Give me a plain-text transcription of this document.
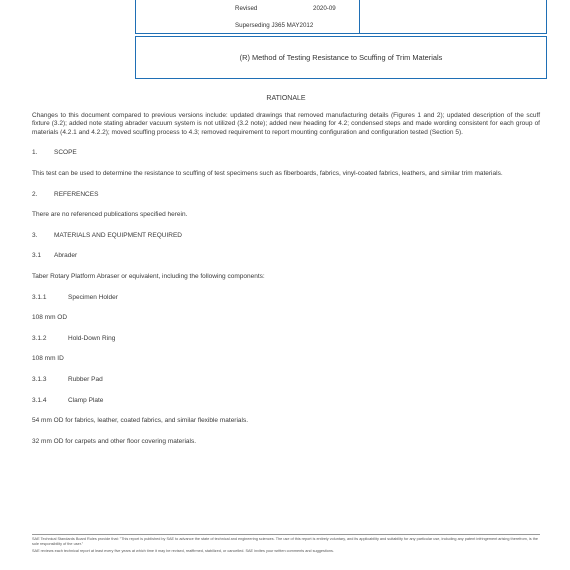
Revised	2020-09
Superseding J365 MAY2012
(R) Method of Testing Resistance to Scuffing of Trim Materials
RATIONALE

Changes to this document compared to previous versions include: updated drawings that removed manufacturing details (Figures 1 and 2); updated description of the scuff fixture (3.2); added note stating abrader vacuum system is not utilized (3.2 note); added new heading for 4.2; condensed steps and made wording consistent for each group of materials (4.2.1 and 4.2.2); moved scuffing process to 4.3; removed requirement to report mounting configuration and configuration tested (Section 5).

1.	SCOPE

This test can be used to determine the resistance to scuffing of test specimens such as fiberboards, fabrics, vinyl-coated fabrics, leathers, and similar trim materials.

2.	REFERENCES

There are no referenced publications specified herein.

3.	MATERIALS AND EQUIPMENT REQUIRED
3.1 Abrader

Taber Rotary Platform Abraser or equivalent, including the following components:

3.1.1	Specimen Holder

108 mm OD

3.1.2	Hold-Down Ring

108 mm ID

3.1.3	Rubber Pad
3.1.4	Clamp Plate

54 mm OD for fabrics, leather, coated fabrics, and similar flexible materials.

32 mm OD for carpets and other floor covering materials.

SAE Technical Standards Board Rules provide that: "This report is published by SAE to advance the state of technical and engineering sciences. The use of this report is entirely voluntary, and its applicability and suitability for any particular use, including any patent infringement arising therefrom, is the sole responsibility of the user."

SAE reviews each technical report at least every five years at which time it may be revised, reaffirmed, stabilized, or cancelled. SAE invites your written comments and suggestions.
